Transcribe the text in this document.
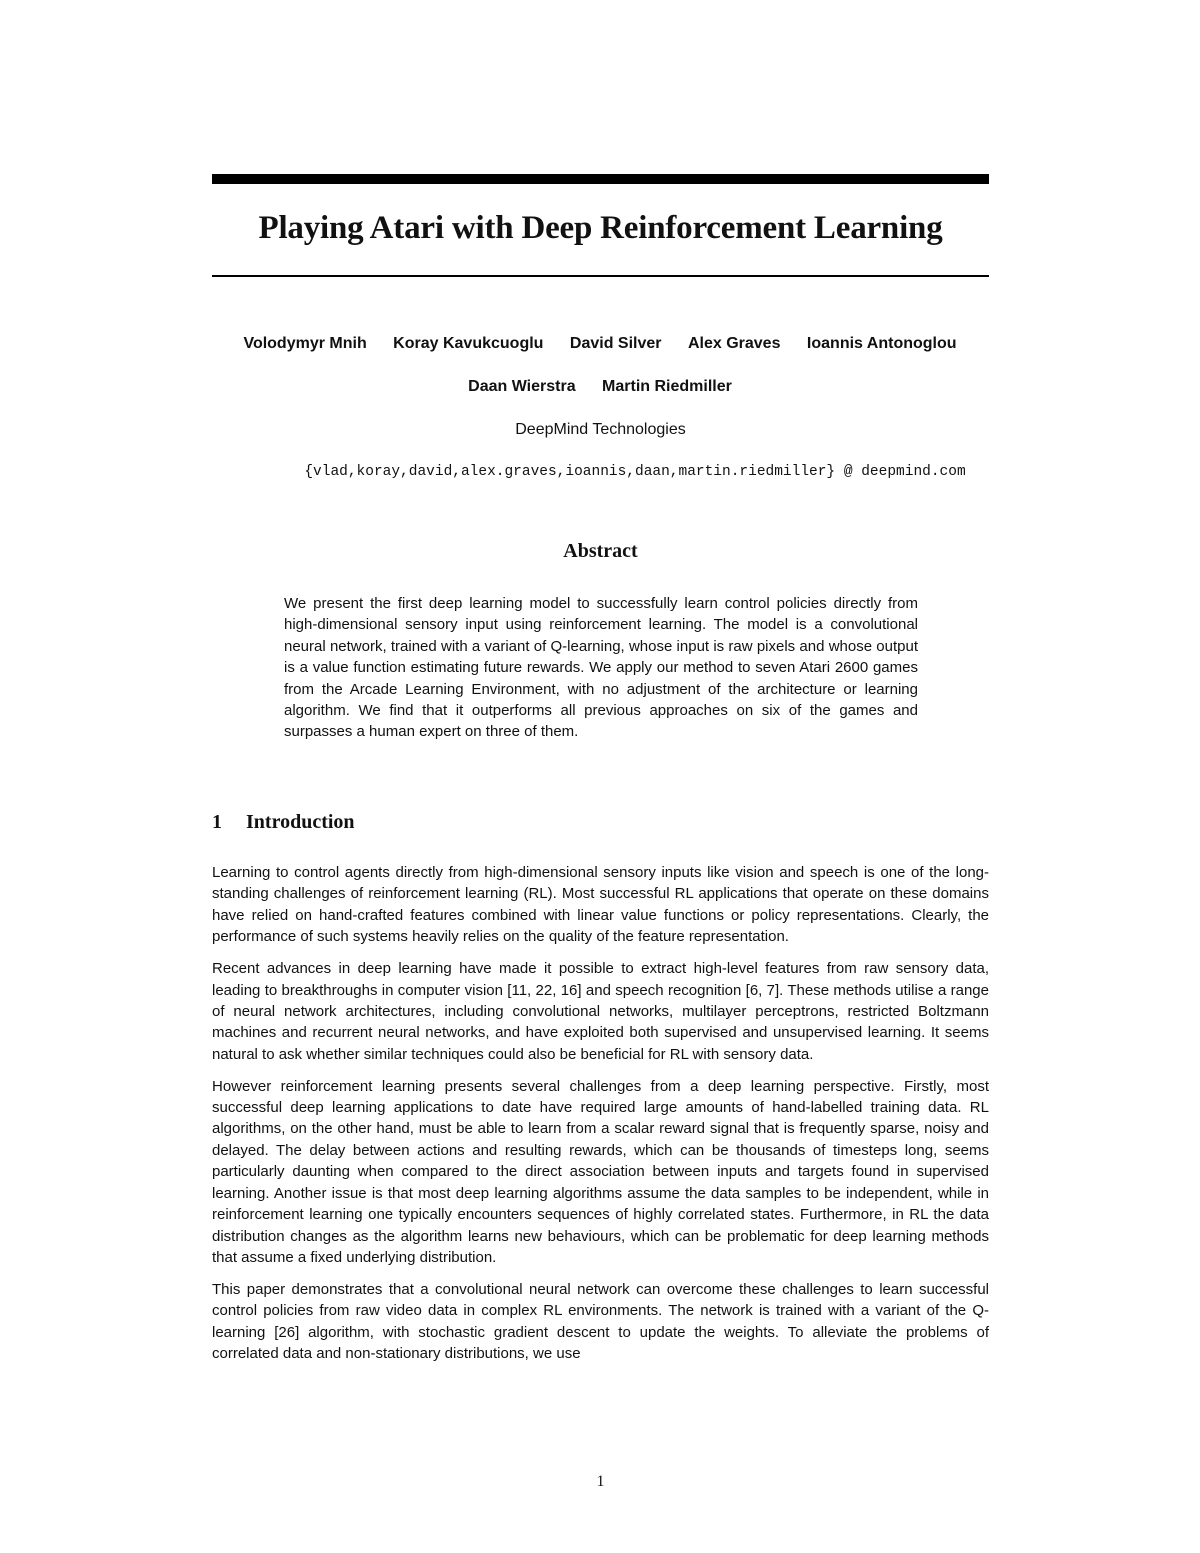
Playing Atari with Deep Reinforcement Learning
Volodymyr Mnih Koray Kavukcuoglu David Silver Alex Graves Ioannis Antonoglou
Daan Wierstra Martin Riedmiller
DeepMind Technologies
{vlad,koray,david,alex.graves,ioannis,daan,martin.riedmiller} @ deepmind.com
Abstract
We present the first deep learning model to successfully learn control policies directly from high-dimensional sensory input using reinforcement learning. The model is a convolutional neural network, trained with a variant of Q-learning, whose input is raw pixels and whose output is a value function estimating future rewards. We apply our method to seven Atari 2600 games from the Arcade Learning Environment, with no adjustment of the architecture or learning algorithm. We find that it outperforms all previous approaches on six of the games and surpasses a human expert on three of them.
1 Introduction

Learning to control agents directly from high-dimensional sensory inputs like vision and speech is one of the long-standing challenges of reinforcement learning (RL). Most successful RL applications that operate on these domains have relied on hand-crafted features combined with linear value functions or policy representations. Clearly, the performance of such systems heavily relies on the quality of the feature representation.

Recent advances in deep learning have made it possible to extract high-level features from raw sensory data, leading to breakthroughs in computer vision [11, 22, 16] and speech recognition [6, 7]. These methods utilise a range of neural network architectures, including convolutional networks, multilayer perceptrons, restricted Boltzmann machines and recurrent neural networks, and have exploited both supervised and unsupervised learning. It seems natural to ask whether similar techniques could also be beneficial for RL with sensory data.

However reinforcement learning presents several challenges from a deep learning perspective. Firstly, most successful deep learning applications to date have required large amounts of hand-labelled training data. RL algorithms, on the other hand, must be able to learn from a scalar reward signal that is frequently sparse, noisy and delayed. The delay between actions and resulting rewards, which can be thousands of timesteps long, seems particularly daunting when compared to the direct association between inputs and targets found in supervised learning. Another issue is that most deep learning algorithms assume the data samples to be independent, while in reinforcement learning one typically encounters sequences of highly correlated states. Furthermore, in RL the data distribution changes as the algorithm learns new behaviours, which can be problematic for deep learning methods that assume a fixed underlying distribution.

This paper demonstrates that a convolutional neural network can overcome these challenges to learn successful control policies from raw video data in complex RL environments. The network is trained with a variant of the Q-learning [26] algorithm, with stochastic gradient descent to update the weights. To alleviate the problems of correlated data and non-stationary distributions, we use

1
